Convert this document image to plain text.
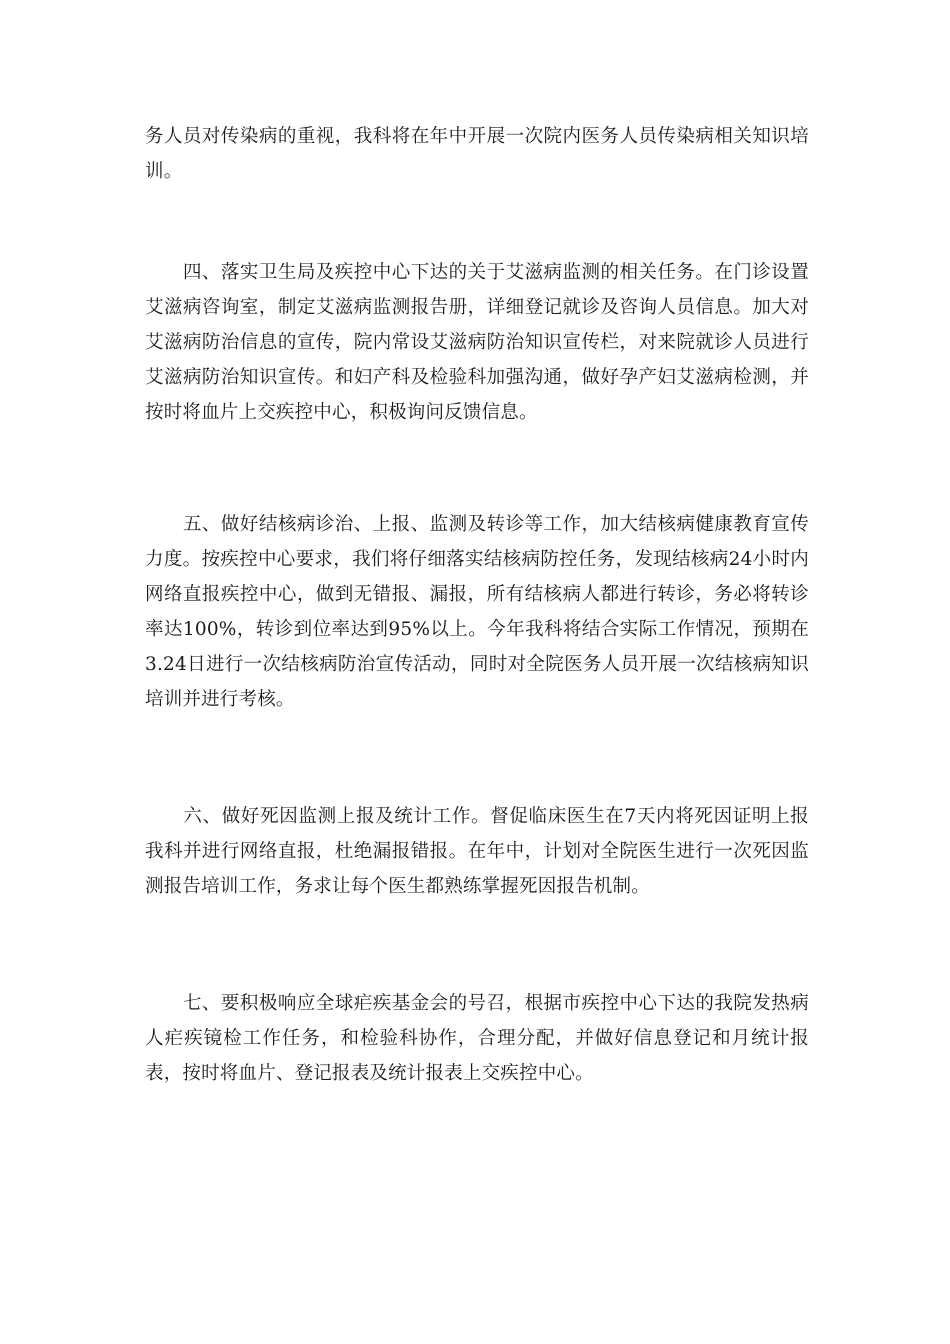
务人员对传染病的重视，我科将在年中开展一次院内医务人员传染病相关知识培训。

　　四、落实卫生局及疾控中心下达的关于艾滋病监测的相关任务。在门诊设置艾滋病咨询室，制定艾滋病监测报告册，详细登记就诊及咨询人员信息。加大对艾滋病防治信息的宣传，院内常设艾滋病防治知识宣传栏，对来院就诊人员进行艾滋病防治知识宣传。和妇产科及检验科加强沟通，做好孕产妇艾滋病检测，并按时将血片上交疾控中心，积极询问反馈信息。

　　五、做好结核病诊治、上报、监测及转诊等工作，加大结核病健康教育宣传力度。按疾控中心要求，我们将仔细落实结核病防控任务，发现结核病24小时内网络直报疾控中心，做到无错报、漏报，所有结核病人都进行转诊，务必将转诊率达100%，转诊到位率达到95%以上。今年我科将结合实际工作情况，预期在3.24日进行一次结核病防治宣传活动，同时对全院医务人员开展一次结核病知识培训并进行考核。

　　六、做好死因监测上报及统计工作。督促临床医生在7天内将死因证明上报我科并进行网络直报，杜绝漏报错报。在年中，计划对全院医生进行一次死因监测报告培训工作，务求让每个医生都熟练掌握死因报告机制。

　　七、要积极响应全球疟疾基金会的号召，根据市疾控中心下达的我院发热病人疟疾镜检工作任务，和检验科协作，合理分配，并做好信息登记和月统计报表，按时将血片、登记报表及统计报表上交疾控中心。
